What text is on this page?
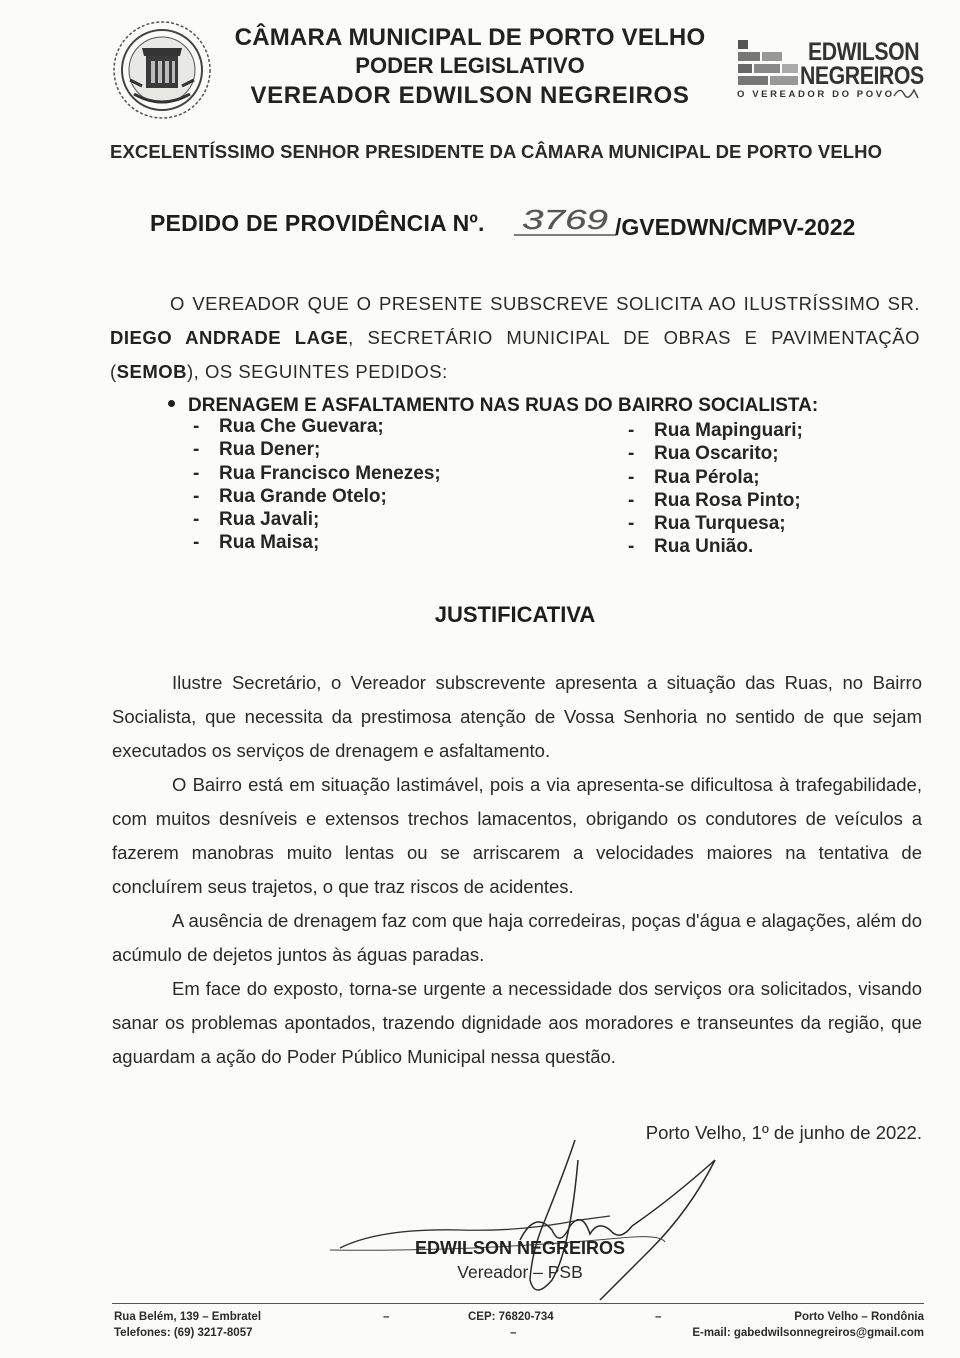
CÂMARA MUNICIPAL DE PORTO VELHO
PODER LEGISLATIVO
VEREADOR EDWILSON NEGREIROS
EDWILSON
NEGREIROS
O VEREADOR DO POVO
EXCELENTÍSSIMO SENHOR PRESIDENTE DA CÂMARA MUNICIPAL DE PORTO VELHO
PEDIDO DE PROVIDÊNCIA Nº. 3769 /GVEDWN/CMPV-2022

O VEREADOR QUE O PRESENTE SUBSCREVE SOLICITA AO ILUSTRÍSSIMO SR. DIEGO ANDRADE LAGE, SECRETÁRIO MUNICIPAL DE OBRAS E PAVIMENTAÇÃO (SEMOB), OS SEGUINTES PEDIDOS:

DRENAGEM E ASFALTAMENTO NAS RUAS DO BAIRRO SOCIALISTA:
- Rua Che Guevara;
- Rua Dener;
- Rua Francisco Menezes;
- Rua Grande Otelo;
- Rua Javali;
- Rua Maisa;
- Rua Mapinguari;
- Rua Oscarito;
- Rua Pérola;
- Rua Rosa Pinto;
- Rua Turquesa;
- Rua União.
JUSTIFICATIVA

Ilustre Secretário, o Vereador subscrevente apresenta a situação das Ruas, no Bairro Socialista, que necessita da prestimosa atenção de Vossa Senhoria no sentido de que sejam executados os serviços de drenagem e asfaltamento.

O Bairro está em situação lastimável, pois a via apresenta-se dificultosa à trafegabilidade, com muitos desníveis e extensos trechos lamacentos, obrigando os condutores de veículos a fazerem manobras muito lentas ou se arriscarem a velocidades maiores na tentativa de concluírem seus trajetos, o que traz riscos de acidentes.

A ausência de drenagem faz com que haja corredeiras, poças d'água e alagações, além do acúmulo de dejetos juntos às águas paradas.

Em face do exposto, torna-se urgente a necessidade dos serviços ora solicitados, visando sanar os problemas apontados, trazendo dignidade aos moradores e transeuntes da região, que aguardam a ação do Poder Público Municipal nessa questão.

Porto Velho, 1º de junho de 2022.
EDWILSON NEGREIROS
Vereador – PSB
Rua Belém, 139 – Embratel
Telefones: (69) 3217-8057
–	CEP: 76820-734
–
–	Porto Velho – Rondônia
E-mail: gabedwilsonnegreiros@gmail.com
